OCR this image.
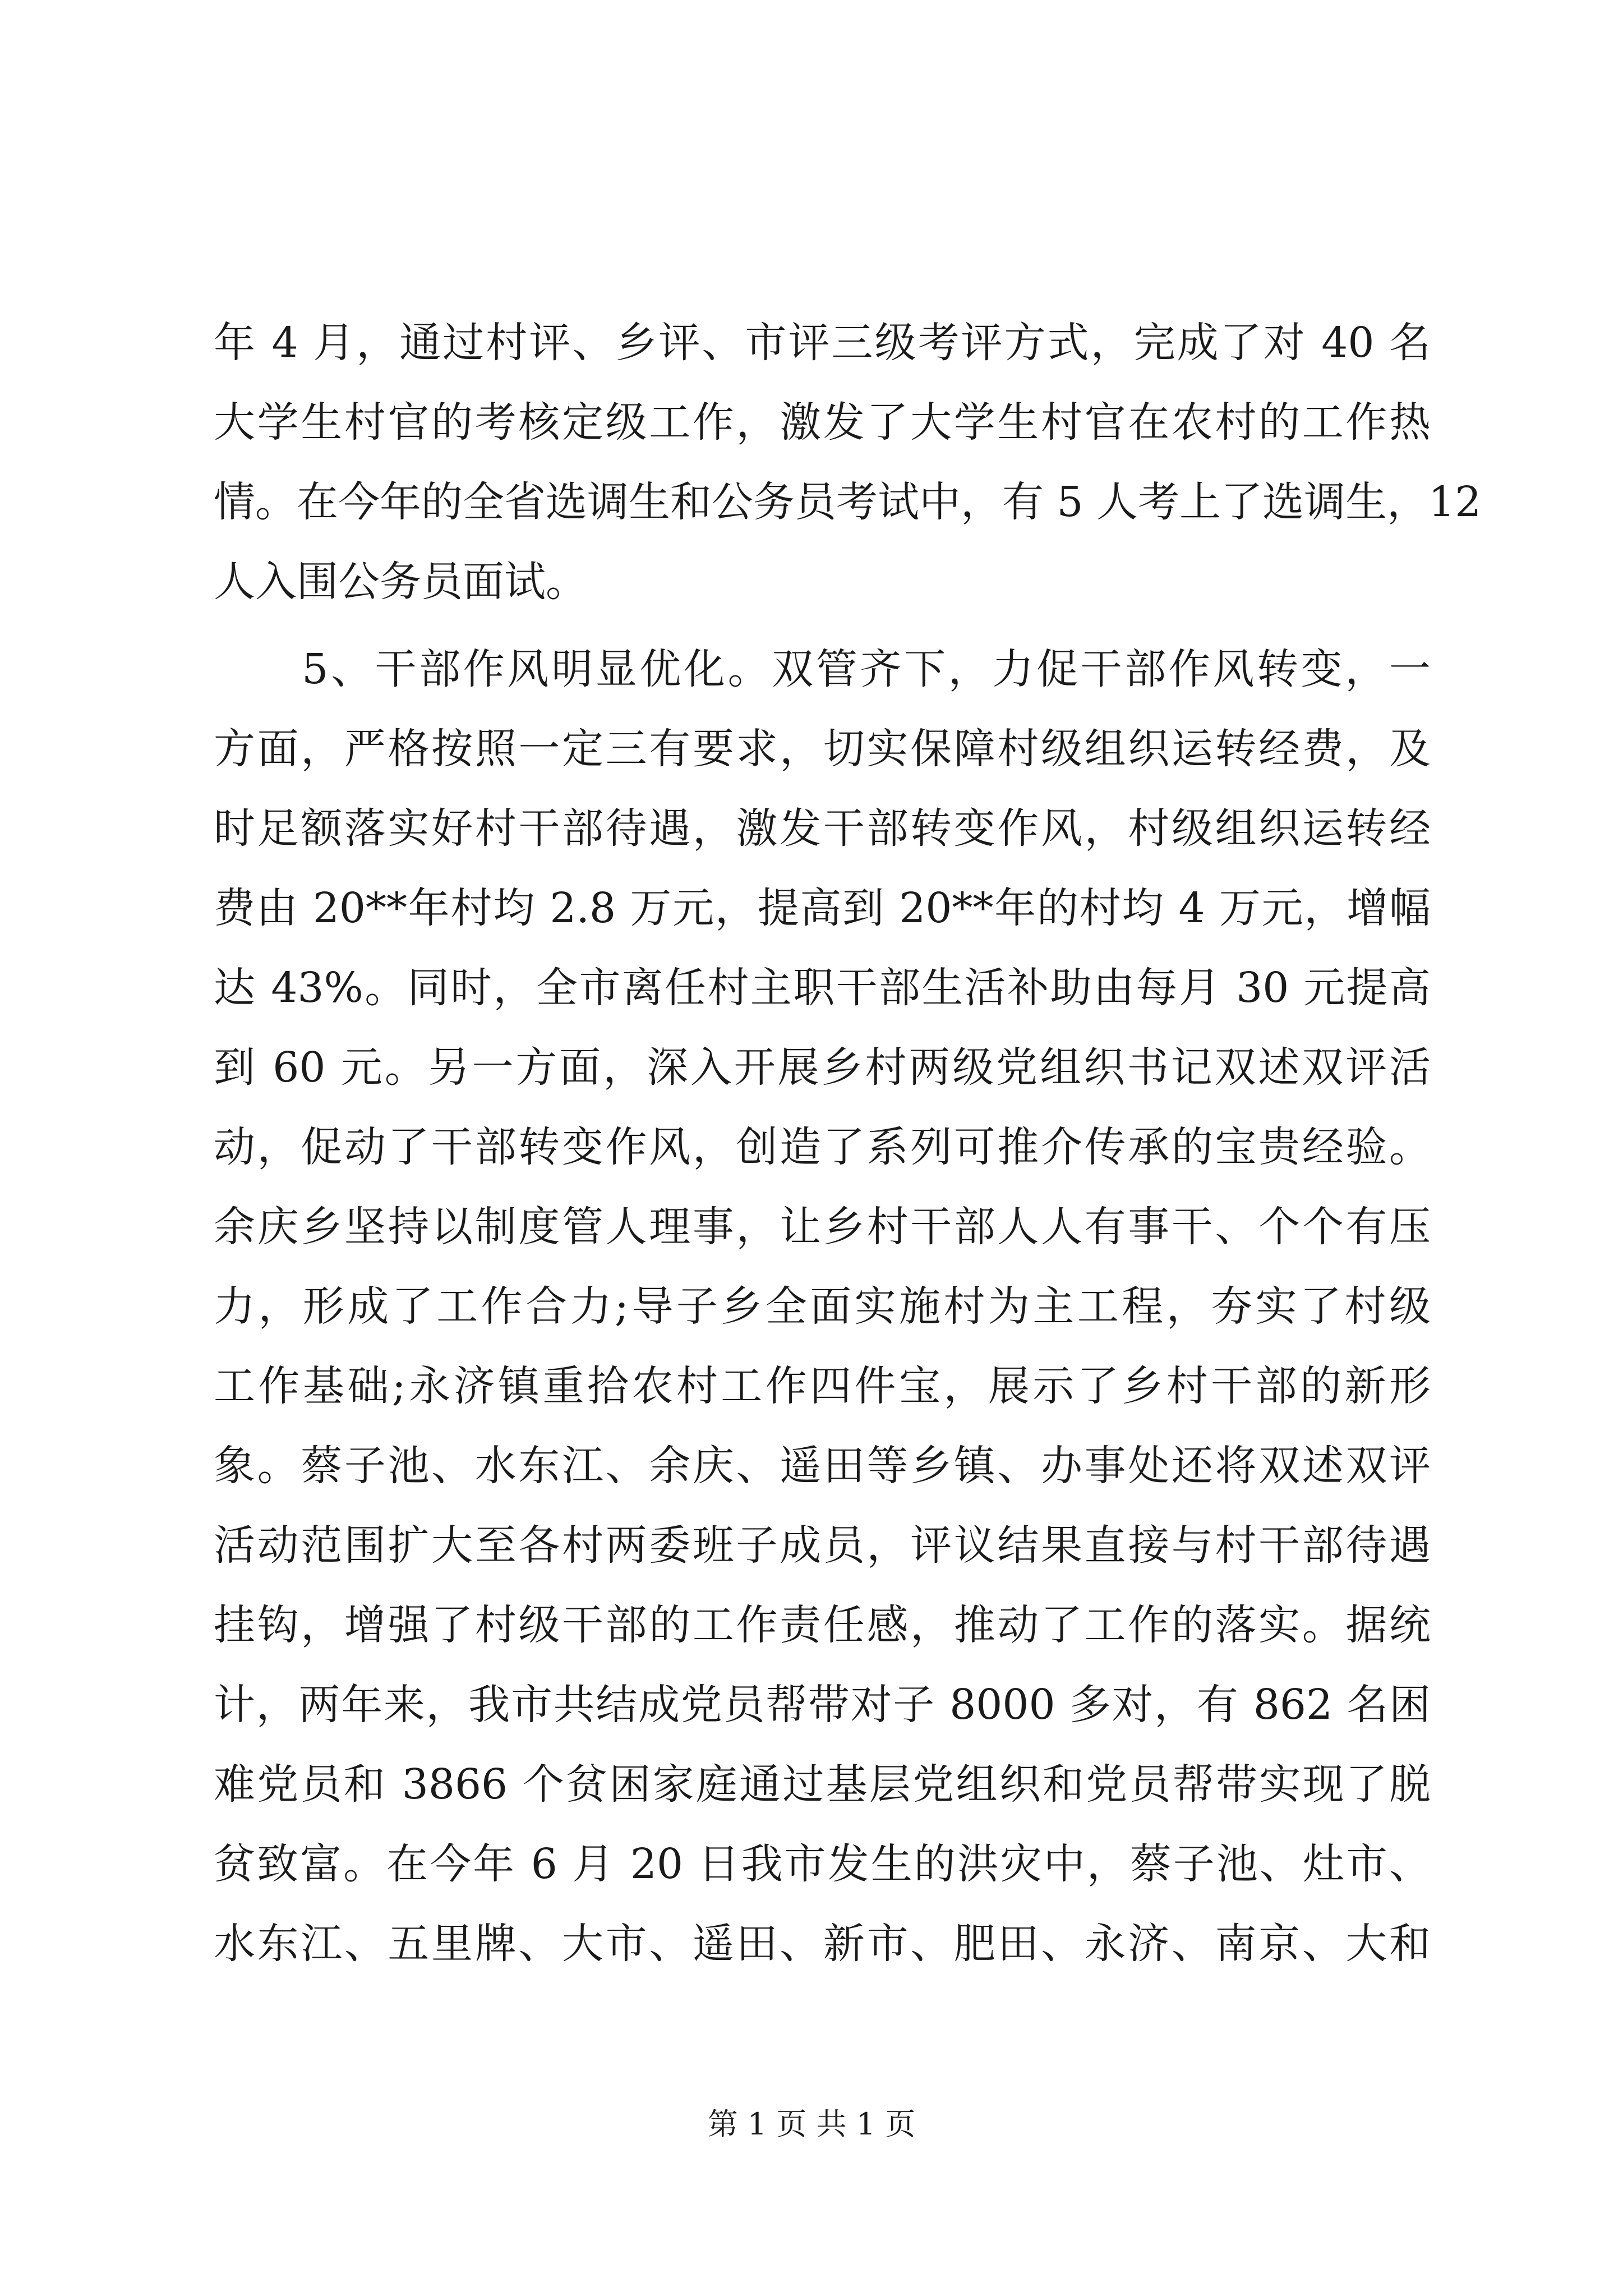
年 4 月，通过村评、乡评、市评三级考评方式，完成了对 40 名
大学生村官的考核定级工作，激发了大学生村官在农村的工作热
情。在今年的全省选调生和公务员考试中，有 5 人考上了选调生，12
人入围公务员面试。
　　5、干部作风明显优化。双管齐下，力促干部作风转变，一
方面，严格按照一定三有要求，切实保障村级组织运转经费，及
时足额落实好村干部待遇，激发干部转变作风，村级组织运转经
费由 20**年村均 2.8 万元，提高到 20**年的村均 4 万元，增幅
达 43%。同时，全市离任村主职干部生活补助由每月 30 元提高
到 60 元。另一方面，深入开展乡村两级党组织书记双述双评活
动，促动了干部转变作风，创造了系列可推介传承的宝贵经验。
余庆乡坚持以制度管人理事，让乡村干部人人有事干、个个有压
力，形成了工作合力;导子乡全面实施村为主工程，夯实了村级
工作基础;永济镇重拾农村工作四件宝，展示了乡村干部的新形
象。蔡子池、水东江、余庆、遥田等乡镇、办事处还将双述双评
活动范围扩大至各村两委班子成员，评议结果直接与村干部待遇
挂钩，增强了村级干部的工作责任感，推动了工作的落实。据统
计，两年来，我市共结成党员帮带对子 8000 多对，有 862 名困
难党员和 3866 个贫困家庭通过基层党组织和党员帮带实现了脱
贫致富。在今年 6 月 20 日我市发生的洪灾中，蔡子池、灶市、
水东江、五里牌、大市、遥田、新市、肥田、永济、南京、大和
第 1 页 共 1 页
